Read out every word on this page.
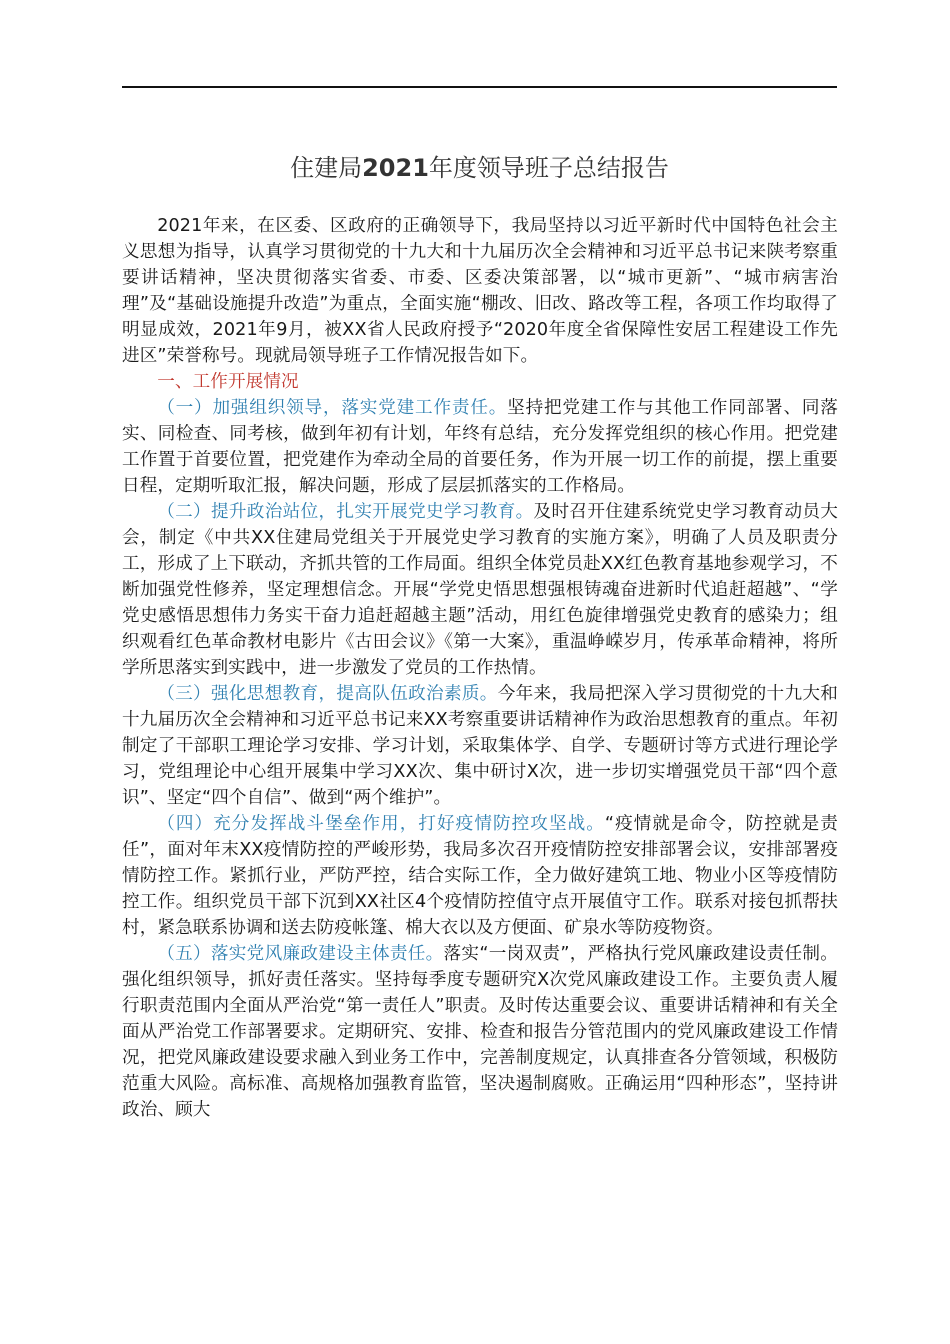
住建局2021年度领导班子总结报告

2021年来，在区委、区政府的正确领导下，我局坚持以习近平新时代中国特色社会主义思想为指导，认真学习贯彻党的十九大和十九届历次全会精神和习近平总书记来陕考察重要讲话精神，坚决贯彻落实省委、市委、区委决策部署，以“城市更新”、“城市病害治理”及“基础设施提升改造”为重点，全面实施“棚改、旧改、路改等工程，各项工作均取得了明显成效，2021年9月，被XX省人民政府授予“2020年度全省保障性安居工程建设工作先进区”荣誉称号。现就局领导班子工作情况报告如下。

一、工作开展情况

（一）加强组织领导，落实党建工作责任。坚持把党建工作与其他工作同部署、同落实、同检查、同考核，做到年初有计划，年终有总结，充分发挥党组织的核心作用。把党建工作置于首要位置，把党建作为牵动全局的首要任务，作为开展一切工作的前提，摆上重要日程，定期听取汇报，解决问题，形成了层层抓落实的工作格局。

（二）提升政治站位，扎实开展党史学习教育。及时召开住建系统党史学习教育动员大会，制定《中共XX住建局党组关于开展党史学习教育的实施方案》，明确了人员及职责分工，形成了上下联动，齐抓共管的工作局面。组织全体党员赴XX红色教育基地参观学习，不断加强党性修养，坚定理想信念。开展“学党史悟思想强根铸魂奋进新时代追赶超越”、“学党史感悟思想伟力务实干奋力追赶超越主题”活动，用红色旋律增强党史教育的感染力；组织观看红色革命教材电影片《古田会议》《第一大案》，重温峥嵘岁月，传承革命精神，将所学所思落实到实践中，进一步激发了党员的工作热情。

（三）强化思想教育，提高队伍政治素质。今年来，我局把深入学习贯彻党的十九大和十九届历次全会精神和习近平总书记来XX考察重要讲话精神作为政治思想教育的重点。年初制定了干部职工理论学习安排、学习计划，采取集体学、自学、专题研讨等方式进行理论学习，党组理论中心组开展集中学习XX次、集中研讨X次，进一步切实增强党员干部“四个意识”、坚定“四个自信”、做到“两个维护”。

（四）充分发挥战斗堡垒作用，打好疫情防控攻坚战。“疫情就是命令，防控就是责任”，面对年末XX疫情防控的严峻形势，我局多次召开疫情防控安排部署会议，安排部署疫情防控工作。紧抓行业，严防严控，结合实际工作，全力做好建筑工地、物业小区等疫情防控工作。组织党员干部下沉到XX社区4个疫情防控值守点开展值守工作。联系对接包抓帮扶村，紧急联系协调和送去防疫帐篷、棉大衣以及方便面、矿泉水等防疫物资。

（五）落实党风廉政建设主体责任。落实“一岗双责”，严格执行党风廉政建设责任制。强化组织领导，抓好责任落实。坚持每季度专题研究X次党风廉政建设工作。主要负责人履行职责范围内全面从严治党“第一责任人”职责。及时传达重要会议、重要讲话精神和有关全面从严治党工作部署要求。定期研究、安排、检查和报告分管范围内的党风廉政建设工作情况，把党风廉政建设要求融入到业务工作中，完善制度规定，认真排查各分管领域，积极防范重大风险。高标准、高规格加强教育监管，坚决遏制腐败。正确运用“四种形态”，坚持讲政治、顾大
